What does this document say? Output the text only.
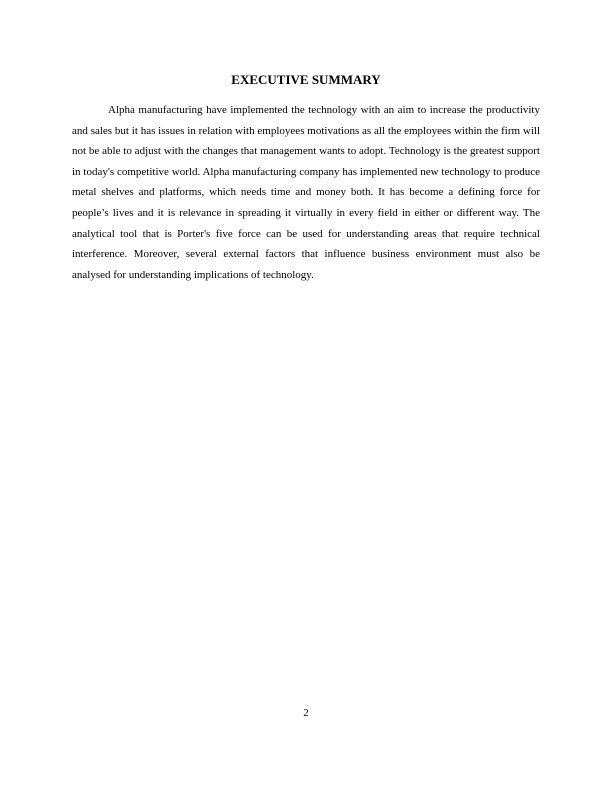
EXECUTIVE SUMMARY

Alpha manufacturing have implemented the technology with an aim to increase the productivity and sales but it has issues in relation with employees motivations as all the employees within the firm will not be able to adjust with the changes that management wants to adopt. Technology is the greatest support in today's competitive world. Alpha manufacturing company has implemented new technology to produce metal shelves and platforms, which needs time and money both. It has become a defining force for people’s lives and it is relevance in spreading it virtually in every field in either or different way. The analytical tool that is Porter's five force can be used for understanding areas that require technical interference. Moreover, several external factors that influence business environment must also be analysed for understanding implications of technology.

2
